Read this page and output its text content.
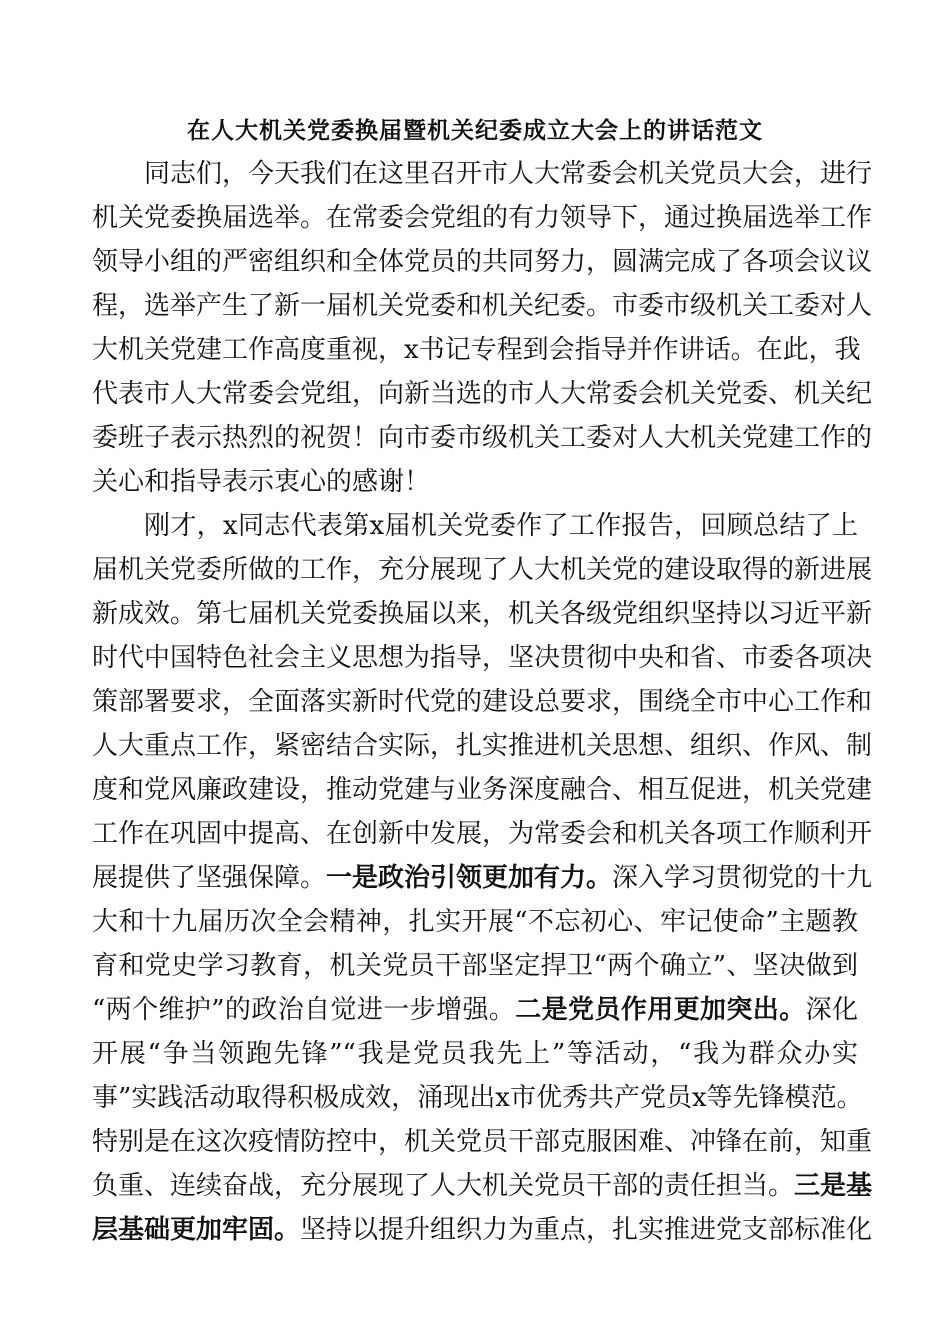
在人大机关党委换届暨机关纪委成立大会上的讲话范文
同志们，今天我们在这里召开市人大常委会机关党员大会，进行
机关党委换届选举。在常委会党组的有力领导下，通过换届选举工作
领导小组的严密组织和全体党员的共同努力，圆满完成了各项会议议
程，选举产生了新一届机关党委和机关纪委。市委市级机关工委对人
大机关党建工作高度重视，x书记专程到会指导并作讲话。在此，我
代表市人大常委会党组，向新当选的市人大常委会机关党委、机关纪
委班子表示热烈的祝贺！向市委市级机关工委对人大机关党建工作的
关心和指导表示衷心的感谢！
刚才，x同志代表第x届机关党委作了工作报告，回顾总结了上
届机关党委所做的工作，充分展现了人大机关党的建设取得的新进展
新成效。第七届机关党委换届以来，机关各级党组织坚持以习近平新
时代中国特色社会主义思想为指导，坚决贯彻中央和省、市委各项决
策部署要求，全面落实新时代党的建设总要求，围绕全市中心工作和
人大重点工作，紧密结合实际，扎实推进机关思想、组织、作风、制
度和党风廉政建设，推动党建与业务深度融合、相互促进，机关党建
工作在巩固中提高、在创新中发展，为常委会和机关各项工作顺利开
展提供了坚强保障。一是政治引领更加有力。深入学习贯彻党的十九
大和十九届历次全会精神，扎实开展“不忘初心、牢记使命”主题教
育和党史学习教育，机关党员干部坚定捍卫“两个确立”、坚决做到
“两个维护”的政治自觉进一步增强。二是党员作用更加突出。深化
开展“争当领跑先锋”“我是党员我先上”等活动，“我为群众办实
事”实践活动取得积极成效，涌现出x市优秀共产党员x等先锋模范。
特别是在这次疫情防控中，机关党员干部克服困难、冲锋在前，知重
负重、连续奋战，充分展现了人大机关党员干部的责任担当。三是基
层基础更加牢固。坚持以提升组织力为重点，扎实推进党支部标准化
